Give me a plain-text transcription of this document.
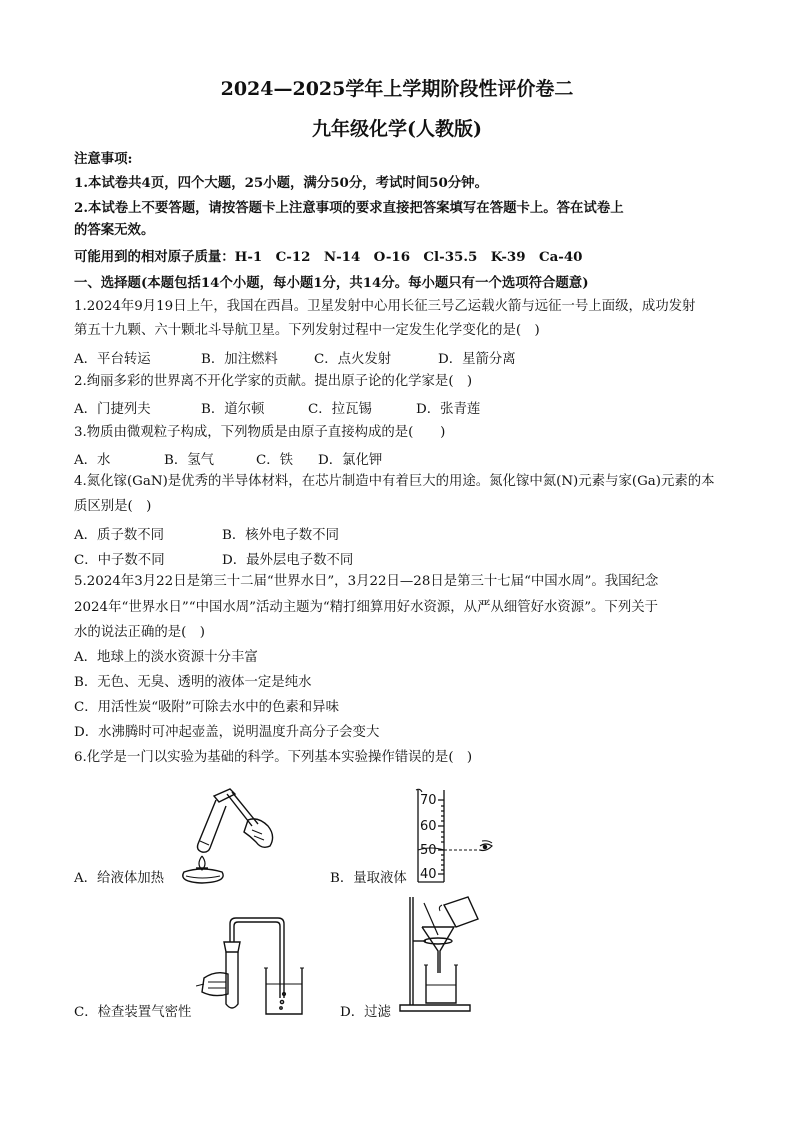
2024—2025学年上学期阶段性评价卷二
九年级化学(人教版)
注意事项:
1.本试卷共4页，四个大题，25小题，满分50分，考试时间50分钟。
2.本试卷上不要答题，请按答题卡上注意事项的要求直接把答案填写在答题卡上。答在试卷上
的答案无效。
可能用到的相对原子质量：H-1　C-12　N-14　O-16　Cl-35.5　K-39　Ca-40
一、选择题(本题包括14个小题，每小题1分，共14分。每小题只有一个选项符合题意)
1.2024年9月19日上午，我国在西昌。卫星发射中心用长征三号乙运载火箭与远征一号上面级，成功发射
第五十九颗、六十颗北斗导航卫星。下列发射过程中一定发生化学变化的是(　)
A．平台转运	B．加注燃料	C．点火发射	D．星箭分离
2.绚丽多彩的世界离不开化学家的贡献。提出原子论的化学家是(　)
A．门捷列夫	B．道尔顿	C．拉瓦锡	D．张青莲
3.物质由微观粒子构成，下列物质是由原子直接构成的是(　　)
A．水	B．氢气	C．铁 D．氯化钾
4.氮化镓(GaN)是优秀的半导体材料，在芯片制造中有着巨大的用途。氮化镓中氮(N)元素与家(Ga)元素的本
质区别是(　)
A．质子数不同	B．核外电子数不同
C．中子数不同	D．最外层电子数不同
5.2024年3月22日是第三十二届“世界水日”，3月22日—28日是第三十七届“中国水周”。我国纪念
2024年“世界水日”“中国水周”活动主题为“精打细算用好水资源，从严从细管好水资源”。下列关于
水的说法正确的是(　)
A．地球上的淡水资源十分丰富
B．无色、无臭、透明的液体一定是纯水
C．用活性炭“吸附”可除去水中的色素和异味
D．水沸腾时可冲起壶盖，说明温度升高分子会变大
6.化学是一门以实验为基础的科学。下列基本实验操作错误的是(　)
A．给液体加热
70
60
50
40
B．量取液体
C．检查装置气密性	D．过滤
